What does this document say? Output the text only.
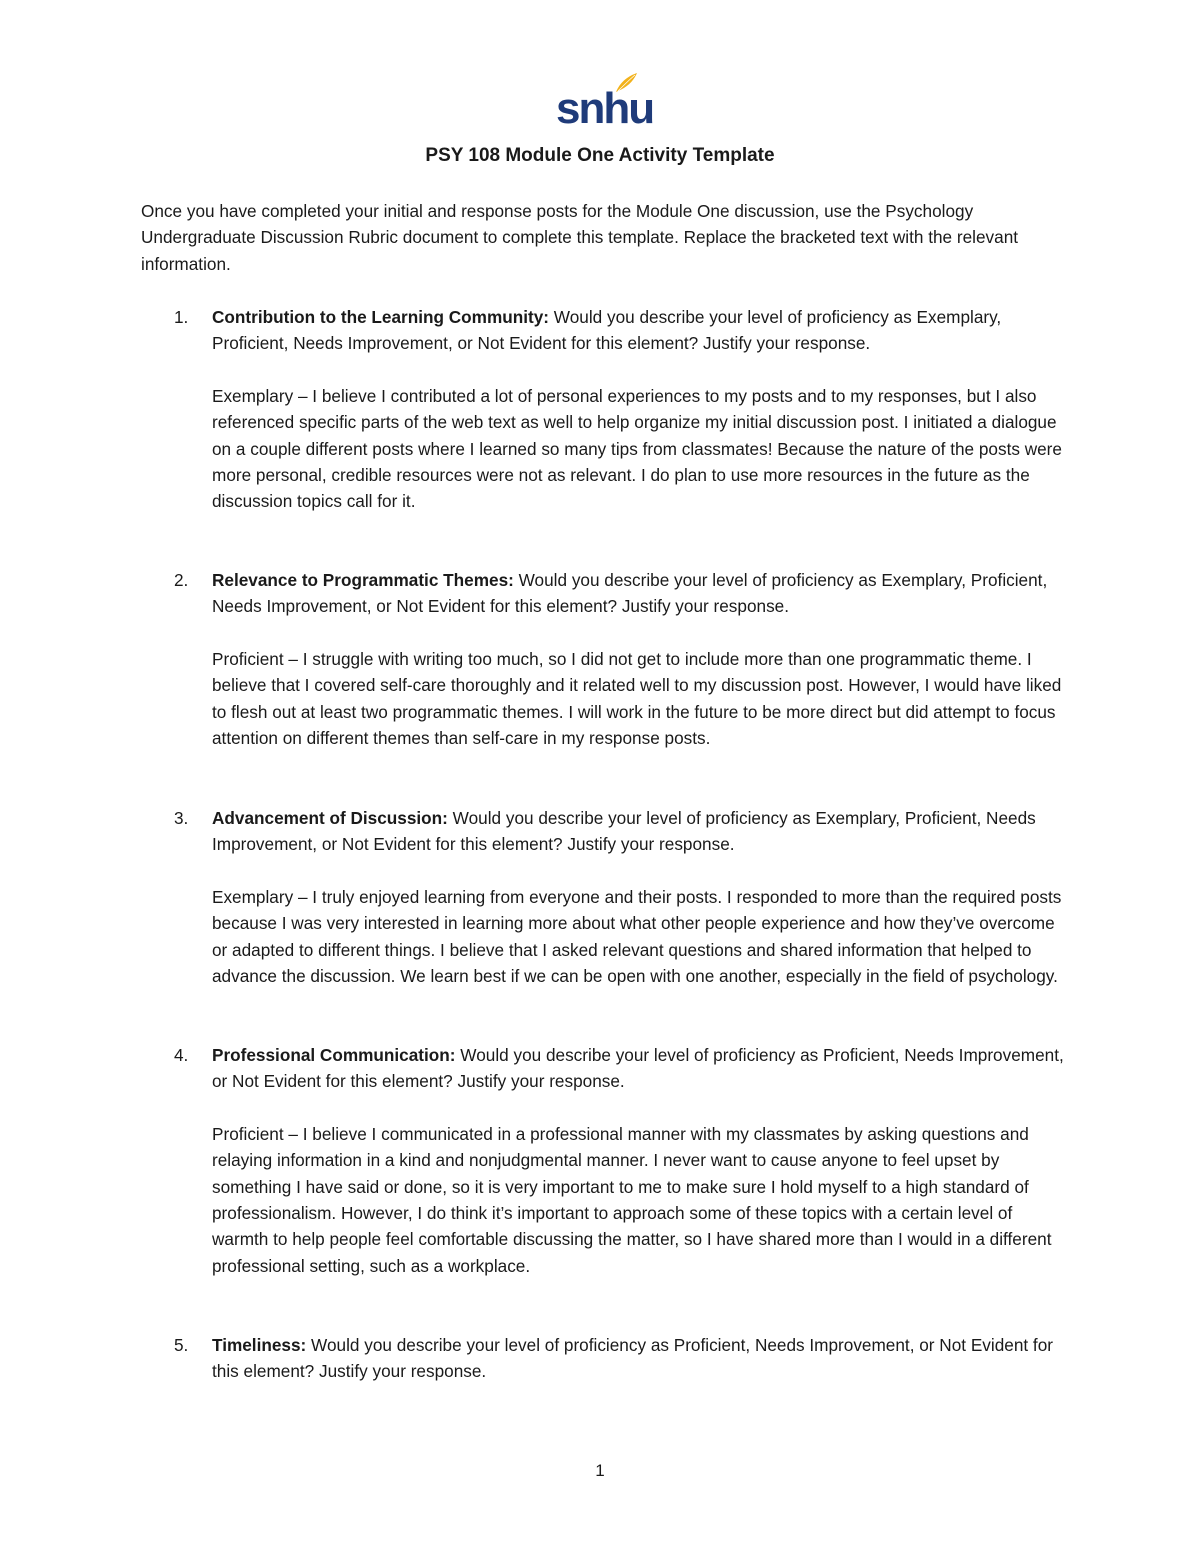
snhu
PSY 108 Module One Activity Template
Once you have completed your initial and response posts for the Module One discussion, use the Psychology Undergraduate Discussion Rubric document to complete this template. Replace the bracketed text with the relevant information.
1.	Contribution to the Learning Community: Would you describe your level of proficiency as Exemplary, Proficient, Needs Improvement, or Not Evident for this element? Justify your response.
Exemplary – I believe I contributed a lot of personal experiences to my posts and to my responses, but I also referenced specific parts of the web text as well to help organize my initial discussion post. I initiated a dialogue on a couple different posts where I learned so many tips from classmates! Because the nature of the posts were more personal, credible resources were not as relevant. I do plan to use more resources in the future as the discussion topics call for it.
2.	Relevance to Programmatic Themes: Would you describe your level of proficiency as Exemplary, Proficient, Needs Improvement, or Not Evident for this element? Justify your response.
Proficient – I struggle with writing too much, so I did not get to include more than one programmatic theme. I believe that I covered self-care thoroughly and it related well to my discussion post. However, I would have liked to flesh out at least two programmatic themes. I will work in the future to be more direct but did attempt to focus attention on different themes than self-care in my response posts.
3.	Advancement of Discussion: Would you describe your level of proficiency as Exemplary, Proficient, Needs Improvement, or Not Evident for this element? Justify your response.
Exemplary – I truly enjoyed learning from everyone and their posts. I responded to more than the required posts because I was very interested in learning more about what other people experience and how they’ve overcome or adapted to different things. I believe that I asked relevant questions and shared information that helped to advance the discussion. We learn best if we can be open with one another, especially in the field of psychology.
4.	Professional Communication: Would you describe your level of proficiency as Proficient, Needs Improvement, or Not Evident for this element? Justify your response.
Proficient – I believe I communicated in a professional manner with my classmates by asking questions and relaying information in a kind and nonjudgmental manner. I never want to cause anyone to feel upset by something I have said or done, so it is very important to me to make sure I hold myself to a high standard of professionalism. However, I do think it’s important to approach some of these topics with a certain level of warmth to help people feel comfortable discussing the matter, so I have shared more than I would in a different professional setting, such as a workplace.
5.	Timeliness: Would you describe your level of proficiency as Proficient, Needs Improvement, or Not Evident for this element? Justify your response.
1
